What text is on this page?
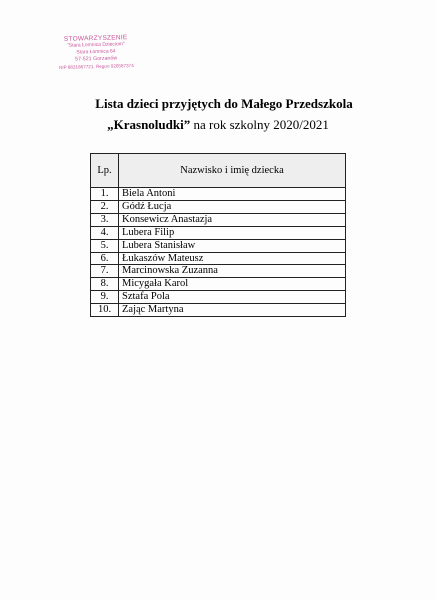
STOWARZYSZENIE
"Stara Łomnica Dzieciom"
Stara Łomnica 64
57-521 Gorzanów
NIP 8831867721, Regon 020587374
Lista dzieci przyjętych do Małego Przedszkola
„Krasnoludki” na rok szkolny 2020/2021
Lp.	Nazwisko i imię dziecka
1.	Biela Antoni
2.	Gódź Łucja
3.	Konsewicz Anastazja
4.	Lubera Filip
5.	Lubera Stanisław
6.	Łukaszów Mateusz
7.	Marcinowska Zuzanna
8.	Micygała Karol
9.	Sztafa Pola
10.	Zając Martyna
